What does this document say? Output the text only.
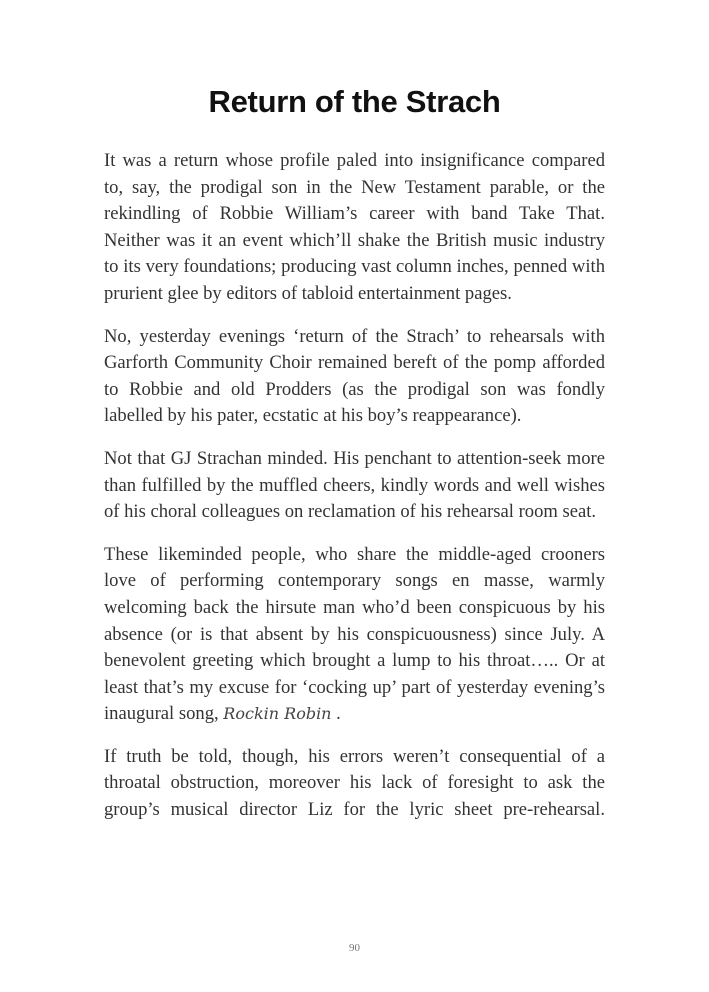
Return of the Strach

It was a return whose profile paled into insignificance compared to, say, the prodigal son in the New Testament parable, or the rekindling of Robbie William’s career with band Take That. Neither was it an event which’ll shake the British music industry to its very foundations; producing vast column inches, penned with prurient glee by editors of tabloid entertainment pages.

No, yesterday evenings ‘return of the Strach’ to rehearsals with Garforth Community Choir remained bereft of the pomp afforded to Robbie and old Prodders (as the prodigal son was fondly labelled by his pater, ecstatic at his boy’s reappearance).

Not that GJ Strachan minded. His penchant to attention-seek more than fulfilled by the muffled cheers, kindly words and well wishes of his choral colleagues on reclamation of his rehearsal room seat.

These likeminded people, who share the middle-aged crooners love of performing contemporary songs en masse, warmly welcoming back the hirsute man who’d been conspicuous by his absence (or is that absent by his conspicuousness) since July. A benevolent greeting which brought a lump to his throat….. Or at least that’s my excuse for ‘cocking up’ part of yesterday evening’s inaugural song, Rockin Robin .

If truth be told, though, his errors weren’t consequential of a throatal obstruction, moreover his lack of foresight to ask the group’s musical director Liz for the lyric sheet pre-rehearsal.

90
